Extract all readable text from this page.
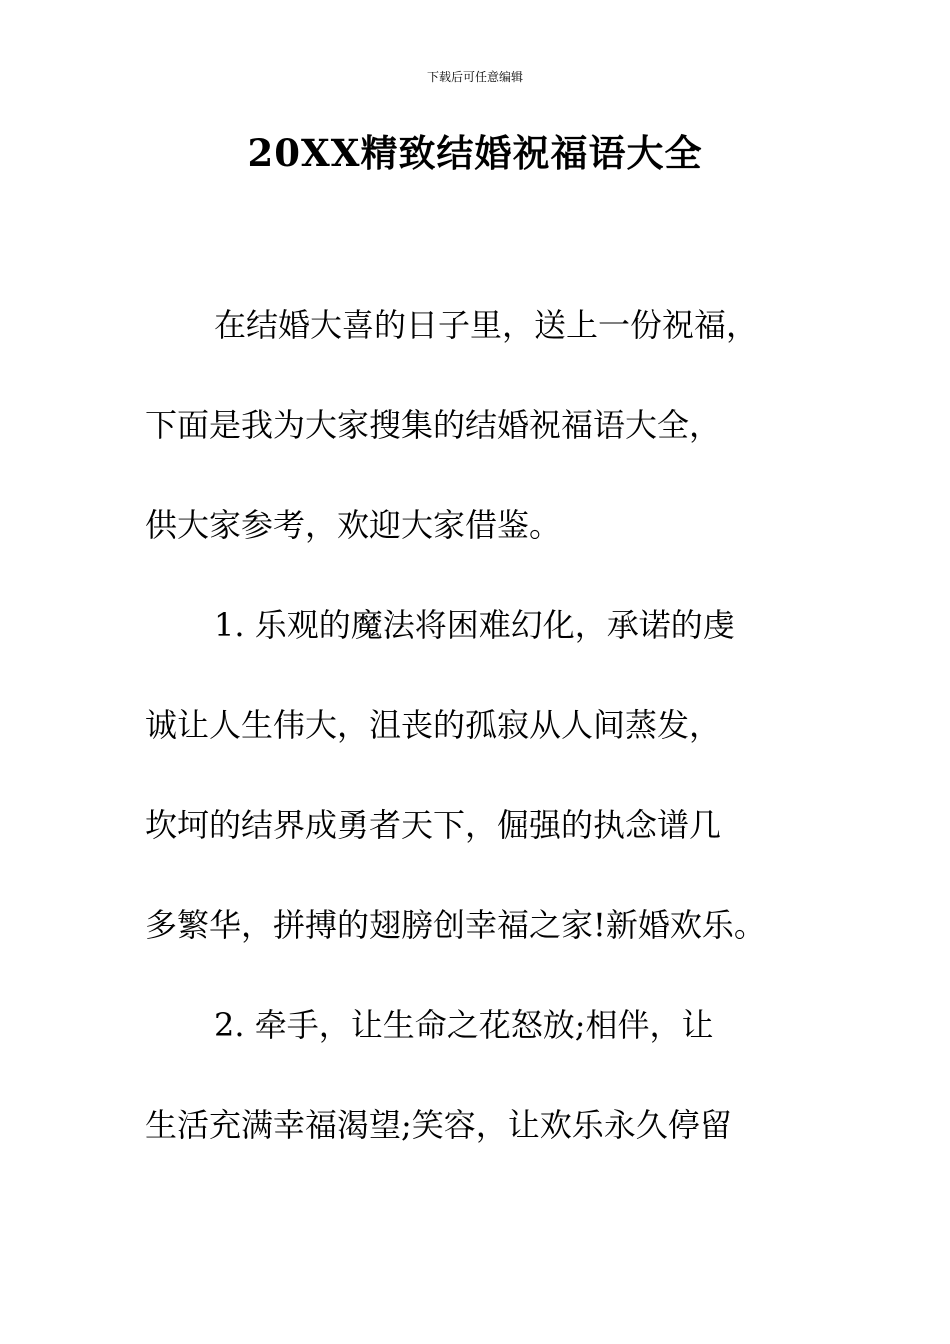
下载后可任意编辑
20XX精致结婚祝福语大全
在结婚大喜的日子里，送上一份祝福，
下面是我为大家搜集的结婚祝福语大全，
供大家参考，欢迎大家借鉴。
1. 乐观的魔法将困难幻化，承诺的虔
诚让人生伟大，沮丧的孤寂从人间蒸发，
坎坷的结界成勇者天下，倔强的执念谱几
多繁华，拼搏的翅膀创幸福之家!新婚欢乐。
2. 牵手，让生命之花怒放;相伴，让
生活充满幸福渴望;笑容，让欢乐永久停留
